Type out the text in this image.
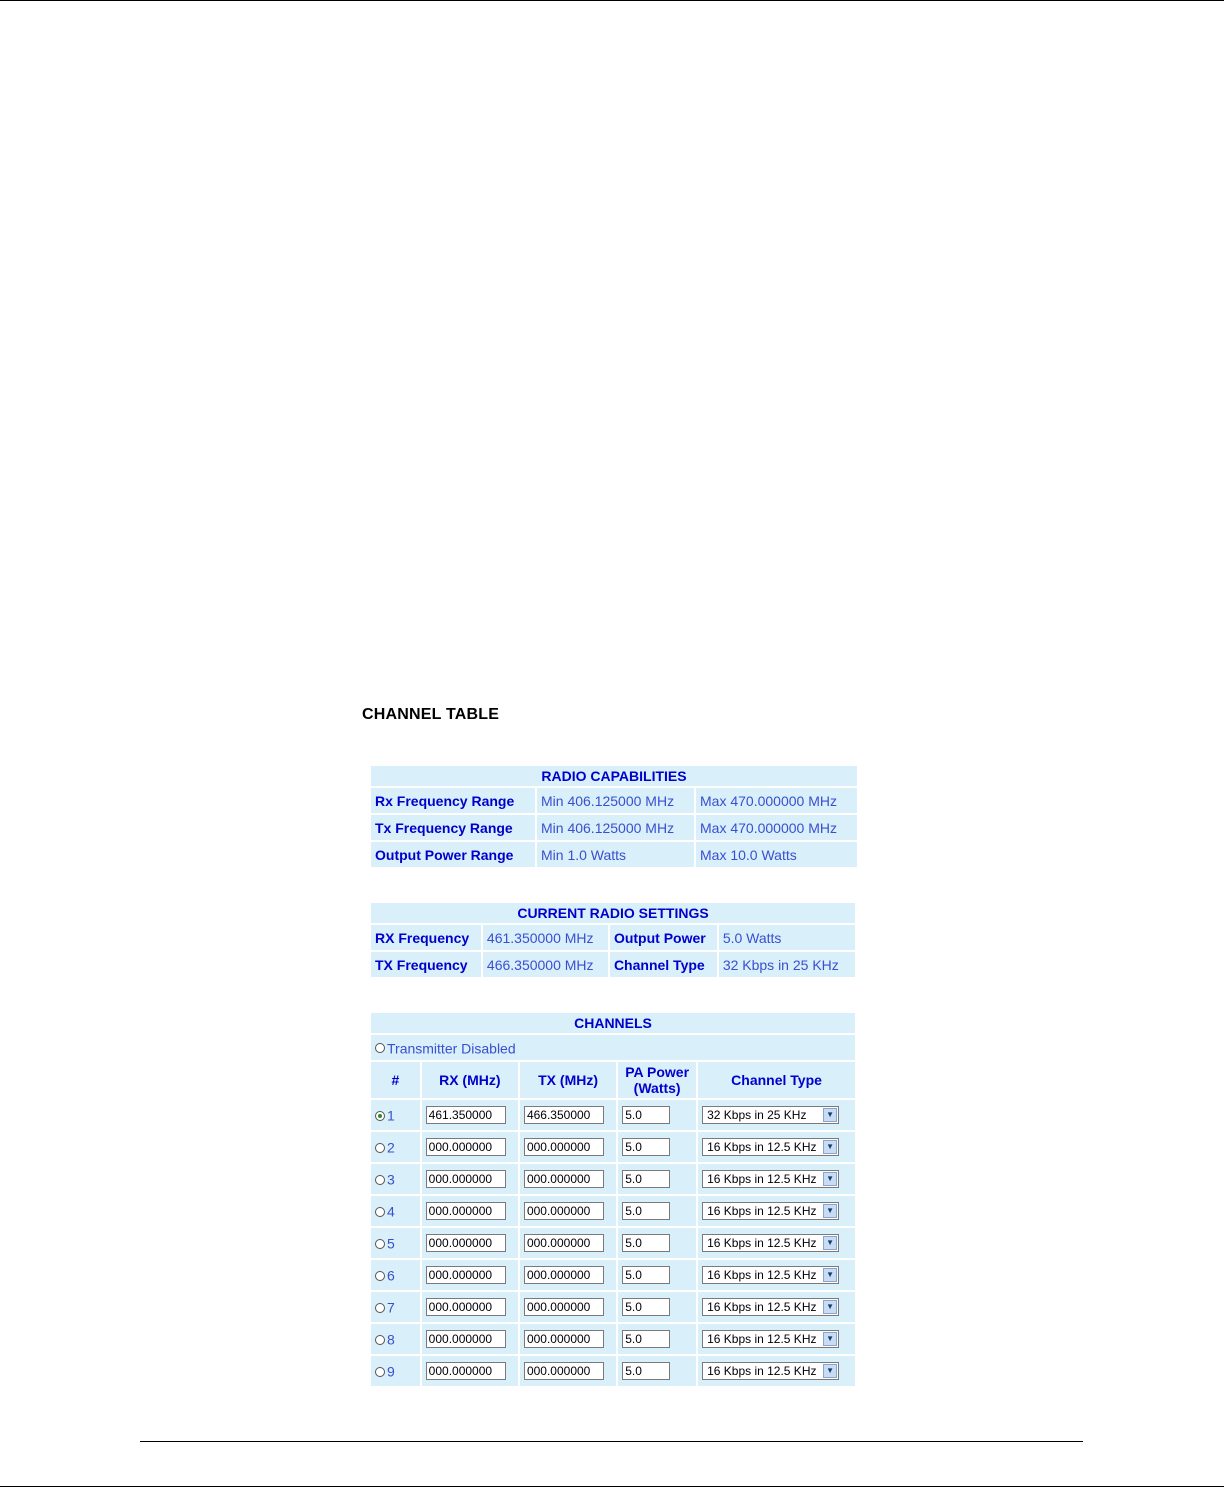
CHANNEL TABLE
RADIO CAPABILITIES		
Rx Frequency Range	Min 406.125000 MHz	Max 470.000000 MHz
Tx Frequency Range	Min 406.125000 MHz	Max 470.000000 MHz
Output Power Range	Min 1.0 Watts	Max 10.0 Watts
CURRENT RADIO SETTINGS			
RX Frequency	461.350000 MHz	Output Power	5.0 Watts
TX Frequency	466.350000 MHz	Channel Type	32 Kbps in 25 KHz
CHANNELS				
Transmitter Disabled				
#	RX (MHz)	TX (MHz)	PA Power (Watts)	Channel Type
1	461.350000	466.350000	5.0	32 Kbps in 25 KHz ▼

2	000.000000	000.000000	5.0	16 Kbps in 12.5 KHz ▼

3	000.000000	000.000000	5.0	16 Kbps in 12.5 KHz ▼

4	000.000000	000.000000	5.0	16 Kbps in 12.5 KHz ▼

5	000.000000	000.000000	5.0	16 Kbps in 12.5 KHz ▼

6	000.000000	000.000000	5.0	16 Kbps in 12.5 KHz ▼

7	000.000000	000.000000	5.0	16 Kbps in 12.5 KHz ▼

8	000.000000	000.000000	5.0	16 Kbps in 12.5 KHz ▼

9	000.000000	000.000000	5.0	16 Kbps in 12.5 KHz ▼
